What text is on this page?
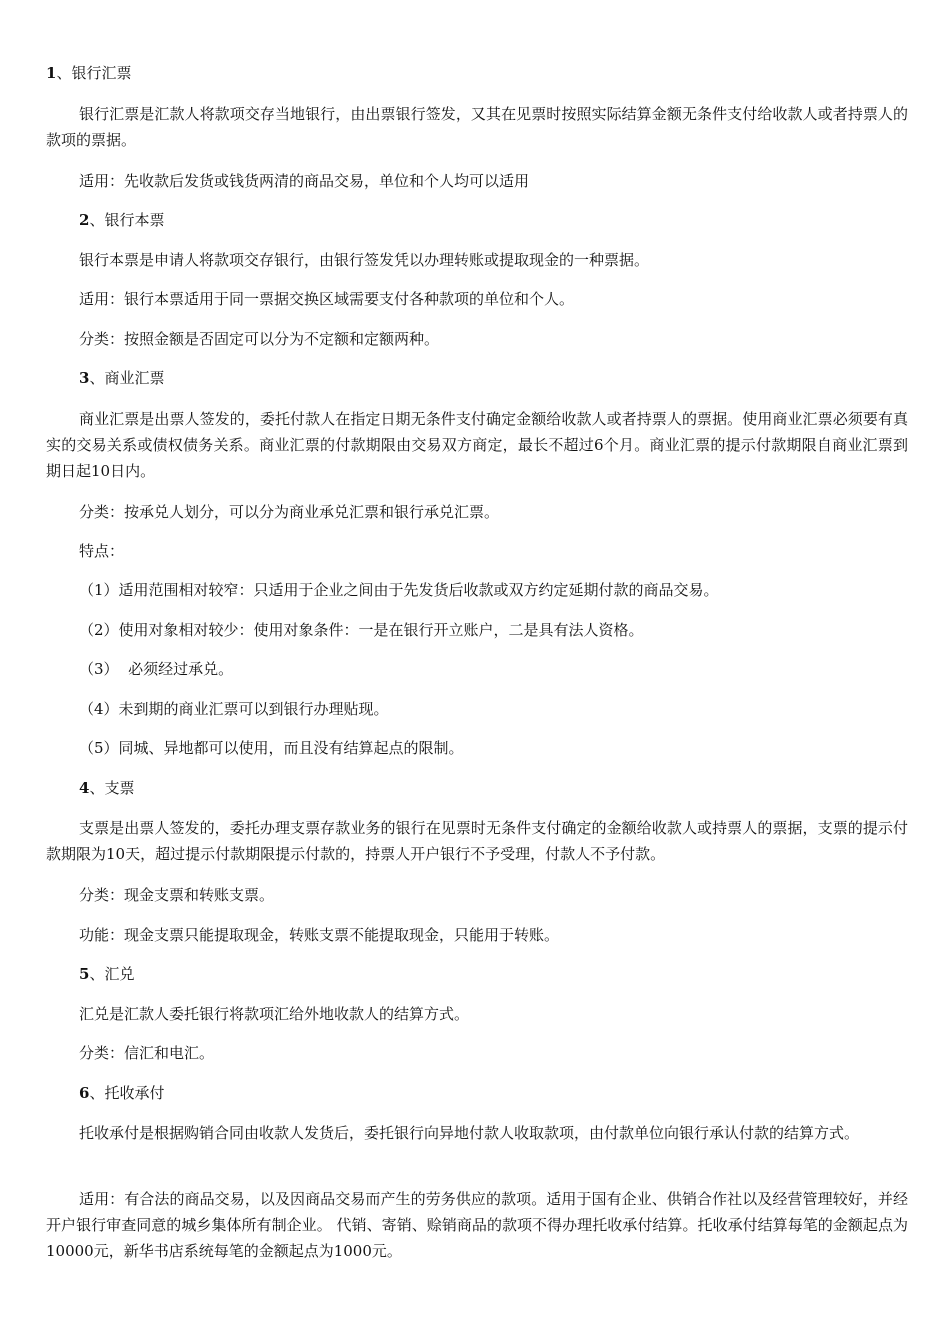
1、银行汇票
银行汇票是汇款人将款项交存当地银行，由出票银行签发，又其在见票时按照实际结算金额无条件支付给收款人或者持票人的款项的票据。
适用：先收款后发货或钱货两清的商品交易，单位和个人均可以适用
2、银行本票
银行本票是申请人将款项交存银行，由银行签发凭以办理转账或提取现金的一种票据。
适用：银行本票适用于同一票据交换区域需要支付各种款项的单位和个人。
分类：按照金额是否固定可以分为不定额和定额两种。
3、商业汇票
商业汇票是出票人签发的，委托付款人在指定日期无条件支付确定金额给收款人或者持票人的票据。使用商业汇票必须要有真实的交易关系或债权债务关系。商业汇票的付款期限由交易双方商定，最长不超过6个月。商业汇票的提示付款期限自商业汇票到期日起10日内。
分类：按承兑人划分，可以分为商业承兑汇票和银行承兑汇票。
特点：
（1）适用范围相对较窄：只适用于企业之间由于先发货后收款或双方约定延期付款的商品交易。
（2）使用对象相对较少：使用对象条件：一是在银行开立账户，二是具有法人资格。
（3）  必须经过承兑。
（4）未到期的商业汇票可以到银行办理贴现。
（5）同城、异地都可以使用，而且没有结算起点的限制。
4、支票
支票是出票人签发的，委托办理支票存款业务的银行在见票时无条件支付确定的金额给收款人或持票人的票据，支票的提示付款期限为10天，超过提示付款期限提示付款的，持票人开户银行不予受理，付款人不予付款。
分类：现金支票和转账支票。
功能：现金支票只能提取现金，转账支票不能提取现金，只能用于转账。
5、汇兑
汇兑是汇款人委托银行将款项汇给外地收款人的结算方式。
分类：信汇和电汇。
6、托收承付
托收承付是根据购销合同由收款人发货后，委托银行向异地付款人收取款项，由付款单位向银行承认付款的结算方式。
适用：有合法的商品交易，以及因商品交易而产生的劳务供应的款项。适用于国有企业、供销合作社以及经营管理较好，并经开户银行审查同意的城乡集体所有制企业。 代销、寄销、赊销商品的款项不得办理托收承付结算。托收承付结算每笔的金额起点为10000元，新华书店系统每笔的金额起点为1000元。
